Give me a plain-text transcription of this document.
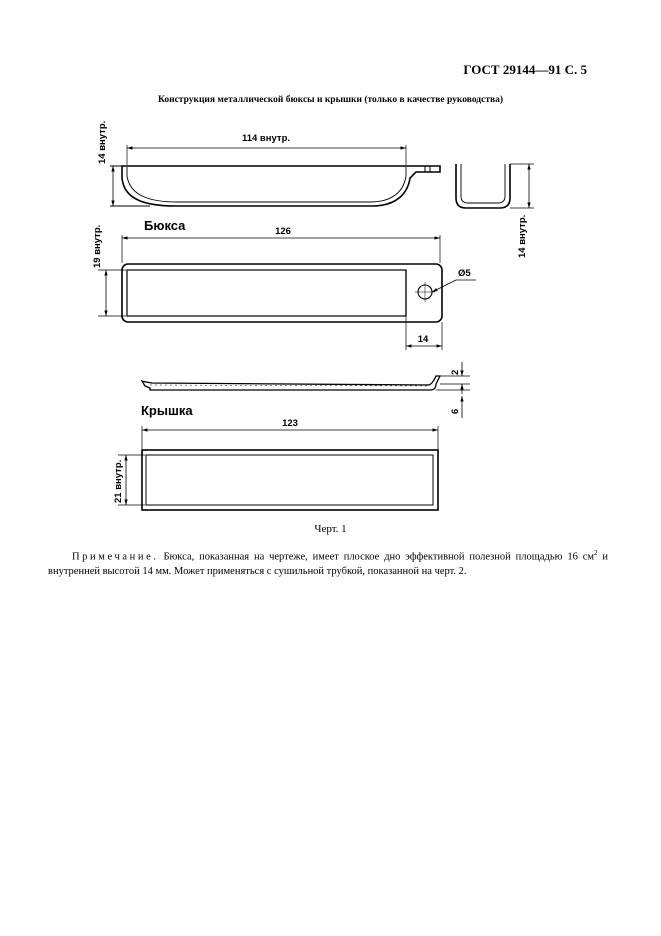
ГОСТ 29144—91 С. 5
Конструкция металлической бюксы и крышки (только в качестве руководства)
114 внутр.
14 внутр.
14 внутр.
Бюкса	126
19 внутр.
Ø5
14
2
6
Крышка
123
21 внутр.
Черт. 1
Примечание. Бюкса, показанная на чертеже, имеет плоское дно эффективной полезной площадью 16 $см^2$ и внутренней высотой 14 мм. Может применяться с сушильной трубкой, показанной на черт. 2.
